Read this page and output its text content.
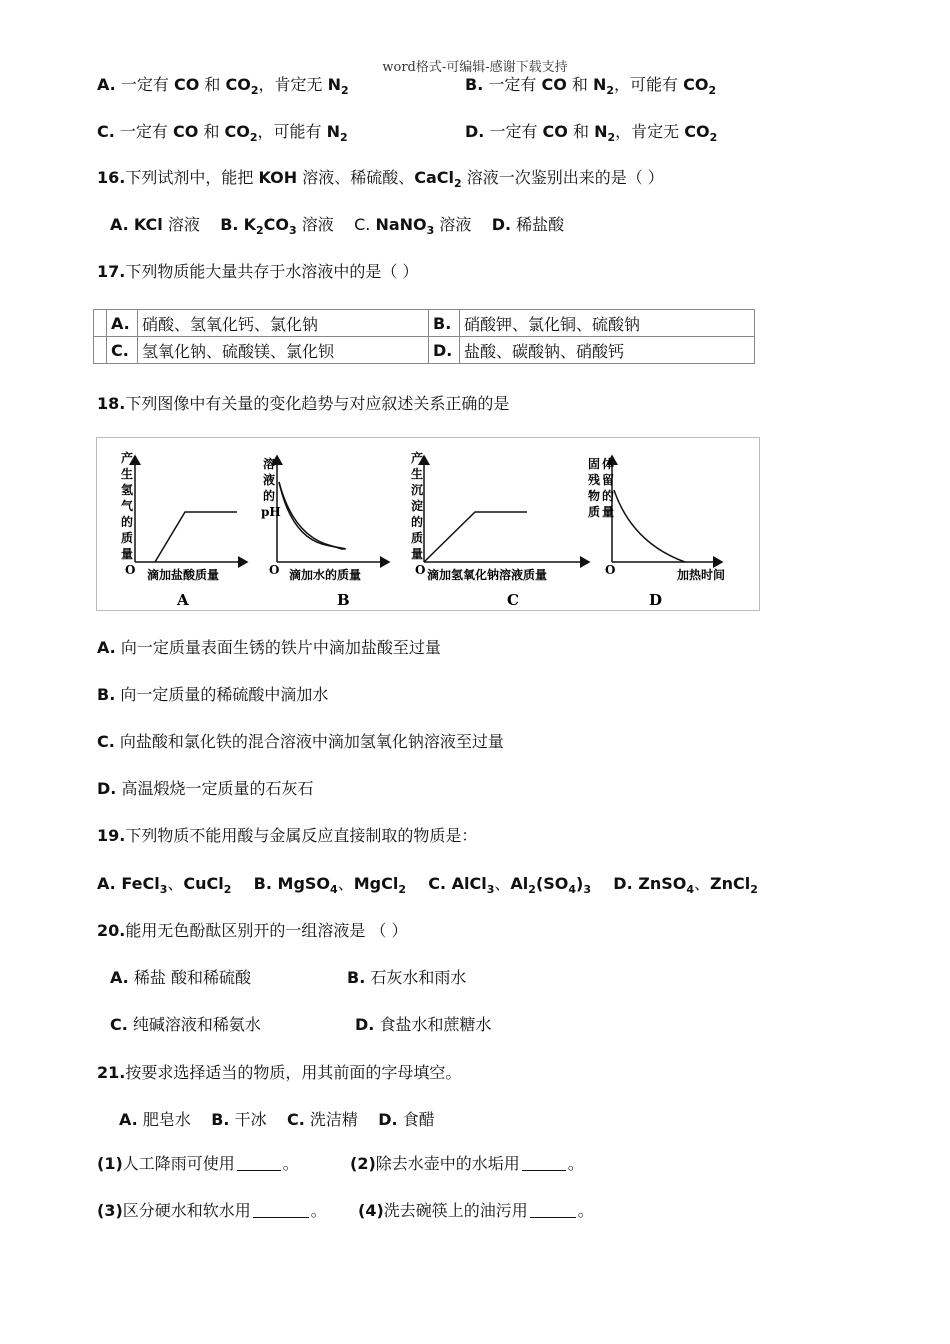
word格式-可编辑-感谢下载支持
A. 一定有 CO 和 $CO_2$，肯定无 $N_2$	B. 一定有 CO 和 $N_2$，可能有 $CO_2$
C. 一定有 CO 和 $CO_2$，可能有 $N_2$	D. 一定有 CO 和 $N_2$，肯定无 $CO_2$
16.下列试剂中，能把 KOH 溶液、稀硫酸、CaCl$_2$ 溶液一次鉴别出来的是（ ）
A. KCl 溶液 B. $K_2CO_3$ 溶液 C. NaNO$_3$ 溶液 D. 稀盐酸
17.下列物质能大量共存于水溶液中的是（ ）
	A.	硝酸、氢氧化钙、氯化钠	B.	硝酸钾、氯化铜、硫酸钠
	C.	氢氧化钠、硫酸镁、氯化钡	D.	盐酸、碳酸钠、硝酸钙
18.下列图像中有关量的变化趋势与对应叙述关系正确的是
产
生
氢
气
的
质
量
O 滴加盐酸质量
A
溶
液
的
pH
O 滴加水的质量
B
产
生
沉
淀
的
质
量
O 滴加氢氧化钠溶液质量
C
固
残
物
质
体
留
的
量
O	加热时间
D
A. 向一定质量表面生锈的铁片中滴加盐酸至过量
B. 向一定质量的稀硫酸中滴加水
C. 向盐酸和氯化铁的混合溶液中滴加氢氧化钠溶液至过量
D. 高温煅烧一定质量的石灰石
19.下列物质不能用酸与金属反应直接制取的物质是：
A. FeCl$_3$、CuCl$_2$ B. MgSO$_4$、MgCl$_2$ C. AlCl$_3$、$Al_2(SO_4)_3$ D. ZnSO$_4$、ZnCl$_2$
20.能用无色酚酞区别开的一组溶液是 （ ）
A. 稀盐 酸和稀硫酸	B. 石灰水和雨水
C. 纯碱溶液和稀氨水	D. 食盐水和蔗糖水
21.按要求选择适当的物质，用其前面的字母填空。
A. 肥皂水 B. 干冰 C. 洗洁精 D. 食醋
(1)人工降雨可使用	。	(2)除去水壶中的水垢用	。
(3)区分硬水和软水用	。 (4)洗去碗筷上的油污用	。
